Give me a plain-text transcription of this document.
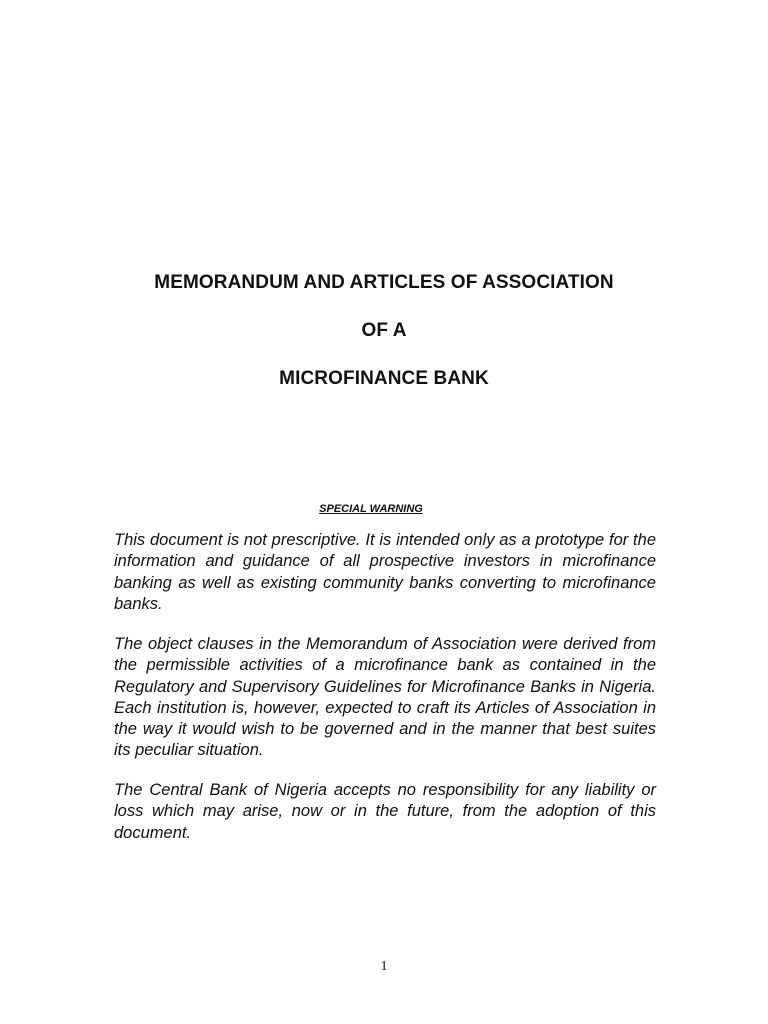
MEMORANDUM AND ARTICLES OF ASSOCIATION
OF A
MICROFINANCE BANK
SPECIAL WARNING

This document is not prescriptive. It is intended only as a prototype for the information and guidance of all prospective investors in microfinance banking as well as existing community banks converting to microfinance banks.

The object clauses in the Memorandum of Association were derived from the permissible activities of a microfinance bank as contained in the Regulatory and Supervisory Guidelines for Microfinance Banks in Nigeria. Each institution is, however, expected to craft its Articles of Association in the way it would wish to be governed and in the manner that best suites its peculiar situation.

The Central Bank of Nigeria accepts no responsibility for any liability or loss which may arise, now or in the future, from the adoption of this document.

1
